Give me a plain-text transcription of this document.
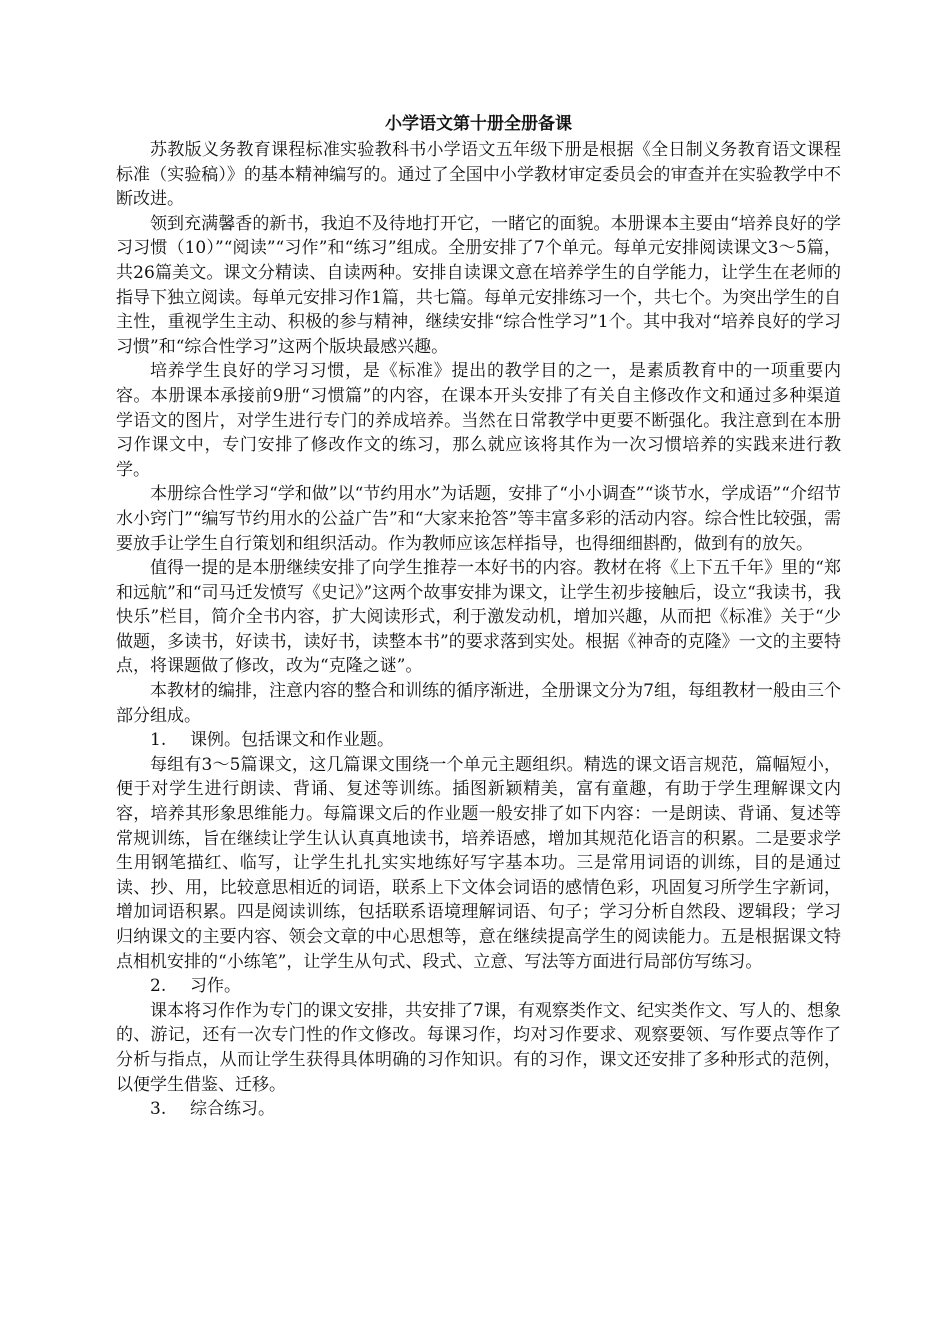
小学语文第十册全册备课

苏教版义务教育课程标准实验教科书小学语文五年级下册是根据《全日制义务教育语文课程标准（实验稿）》的基本精神编写的。通过了全国中小学教材审定委员会的审查并在实验教学中不断改进。

领到充满馨香的新书，我迫不及待地打开它，一睹它的面貌。本册课本主要由“培养良好的学习习惯（10）”“阅读”“习作”和“练习”组成。全册安排了7个单元。每单元安排阅读课文3～5篇，共26篇美文。课文分精读、自读两种。安排自读课文意在培养学生的自学能力，让学生在老师的指导下独立阅读。每单元安排习作1篇，共七篇。每单元安排练习一个，共七个。为突出学生的自主性，重视学生主动、积极的参与精神，继续安排“综合性学习”1个。其中我对“培养良好的学习习惯”和“综合性学习”这两个版块最感兴趣。

培养学生良好的学习习惯，是《标准》提出的教学目的之一，是素质教育中的一项重要内容。本册课本承接前9册“习惯篇”的内容，在课本开头安排了有关自主修改作文和通过多种渠道学语文的图片，对学生进行专门的养成培养。当然在日常教学中更要不断强化。我注意到在本册习作课文中，专门安排了修改作文的练习，那么就应该将其作为一次习惯培养的实践来进行教学。

本册综合性学习“学和做”以“节约用水”为话题，安排了“小小调查”“谈节水，学成语”“介绍节水小窍门”“编写节约用水的公益广告”和“大家来抢答”等丰富多彩的活动内容。综合性比较强，需要放手让学生自行策划和组织活动。作为教师应该怎样指导，也得细细斟酌，做到有的放矢。

值得一提的是本册继续安排了向学生推荐一本好书的内容。教材在将《上下五千年》里的“郑和远航”和“司马迁发愤写《史记》”这两个故事安排为课文，让学生初步接触后，设立“我读书，我快乐”栏目，简介全书内容，扩大阅读形式，利于激发动机，增加兴趣，从而把《标准》关于“少做题，多读书，好读书，读好书，读整本书”的要求落到实处。根据《神奇的克隆》一文的主要特点，将课题做了修改，改为“克隆之谜”。

本教材的编排，注意内容的整合和训练的循序渐进，全册课文分为7组，每组教材一般由三个部分组成。

1. 课例。包括课文和作业题。

每组有3～5篇课文，这几篇课文围绕一个单元主题组织。精选的课文语言规范，篇幅短小，便于对学生进行朗读、背诵、复述等训练。插图新颖精美，富有童趣，有助于学生理解课文内容，培养其形象思维能力。每篇课文后的作业题一般安排了如下内容：一是朗读、背诵、复述等常规训练，旨在继续让学生认认真真地读书，培养语感，增加其规范化语言的积累。二是要求学生用钢笔描红、临写，让学生扎扎实实地练好写字基本功。三是常用词语的训练，目的是通过读、抄、用，比较意思相近的词语，联系上下文体会词语的感情色彩，巩固复习所学生字新词，增加词语积累。四是阅读训练，包括联系语境理解词语、句子；学习分析自然段、逻辑段；学习归纳课文的主要内容、领会文章的中心思想等，意在继续提高学生的阅读能力。五是根据课文特点相机安排的“小练笔”，让学生从句式、段式、立意、写法等方面进行局部仿写练习。

2. 习作。

课本将习作作为专门的课文安排，共安排了7课，有观察类作文、纪实类作文、写人的、想象的、游记，还有一次专门性的作文修改。每课习作，均对习作要求、观察要领、写作要点等作了分析与指点，从而让学生获得具体明确的习作知识。有的习作，课文还安排了多种形式的范例，以便学生借鉴、迁移。

3. 综合练习。
